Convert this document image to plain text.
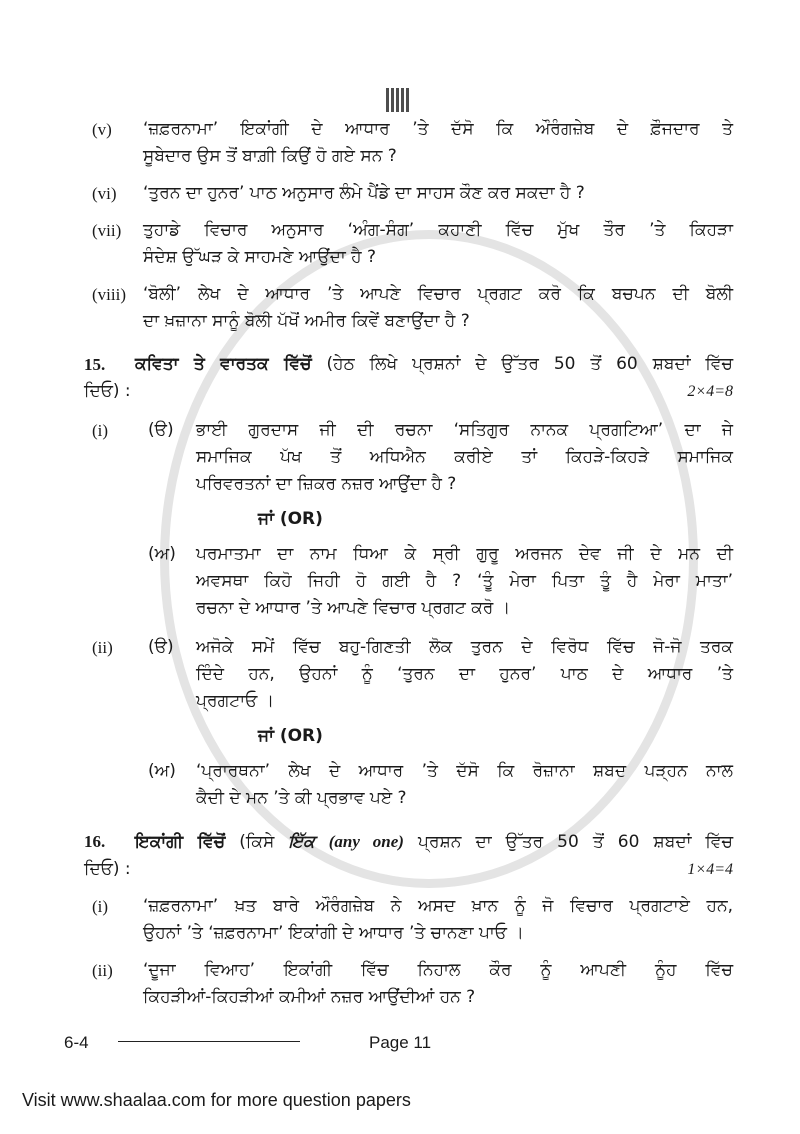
(v)	‘ਜ਼ਫ਼ਰਨਾਮਾ’ ਇਕਾਂਗੀ ਦੇ ਆਧਾਰ ’ਤੇ ਦੱਸੋ ਕਿ ਔਰੰਗਜ਼ੇਬ ਦੇ ਫ਼ੌਜਦਾਰ ਤੇ
ਸੂਬੇਦਾਰ ਉਸ ਤੋਂ ਬਾਗ਼ੀ ਕਿਉਂ ਹੋ ਗਏ ਸਨ ?
(vi)	‘ਤੁਰਨ ਦਾ ਹੁਨਰ’ ਪਾਠ ਅਨੁਸਾਰ ਲੰਮੇ ਪੈਂਡੇ ਦਾ ਸਾਹਸ ਕੌਣ ਕਰ ਸਕਦਾ ਹੈ ?
(vii)	ਤੁਹਾਡੇ ਵਿਚਾਰ ਅਨੁਸਾਰ ‘ਅੰਗ-ਸੰਗ’ ਕਹਾਣੀ ਵਿੱਚ ਮੁੱਖ ਤੌਰ ’ਤੇ ਕਿਹੜਾ
ਸੰਦੇਸ਼ ਉੱਘੜ ਕੇ ਸਾਹਮਣੇ ਆਉਂਦਾ ਹੈ ?
(viii)	‘ਬੋਲੀ’ ਲੇਖ ਦੇ ਆਧਾਰ ’ਤੇ ਆਪਣੇ ਵਿਚਾਰ ਪ੍ਰਗਟ ਕਰੋ ਕਿ ਬਚਪਨ ਦੀ ਬੋਲੀ
ਦਾ ਖ਼ਜ਼ਾਨਾ ਸਾਨੂੰ ਬੋਲੀ ਪੱਖੋਂ ਅਮੀਰ ਕਿਵੇਂ ਬਣਾਉਂਦਾ ਹੈ ?
15.	ਕਵਿਤਾ ਤੇ ਵਾਰਤਕ ਵਿੱਚੋਂ (ਹੇਠ ਲਿਖੇ ਪ੍ਰਸ਼ਨਾਂ ਦੇ ਉੱਤਰ 50 ਤੋਂ 60 ਸ਼ਬਦਾਂ ਵਿੱਚ
ਦਿਓ) :	2×4=8
(i)	(ੳ)	ਭਾਈ ਗੁਰਦਾਸ ਜੀ ਦੀ ਰਚਨਾ ‘ਸਤਿਗੁਰ ਨਾਨਕ ਪ੍ਰਗਟਿਆ’ ਦਾ ਜੇ
ਸਮਾਜਿਕ ਪੱਖ ਤੋਂ ਅਧਿਐਨ ਕਰੀਏ ਤਾਂ ਕਿਹੜੇ-ਕਿਹੜੇ ਸਮਾਜਿਕ
ਪਰਿਵਰਤਨਾਂ ਦਾ ਜ਼ਿਕਰ ਨਜ਼ਰ ਆਉਂਦਾ ਹੈ ?
ਜਾਂ (OR)
(ਅ)	ਪਰਮਾਤਮਾ ਦਾ ਨਾਮ ਧਿਆ ਕੇ ਸ੍ਰੀ ਗੁਰੂ ਅਰਜਨ ਦੇਵ ਜੀ ਦੇ ਮਨ ਦੀ
ਅਵਸਥਾ ਕਿਹੋ ਜਿਹੀ ਹੋ ਗਈ ਹੈ ? ‘ਤੂੰ ਮੇਰਾ ਪਿਤਾ ਤੂੰ ਹੈ ਮੇਰਾ ਮਾਤਾ’
ਰਚਨਾ ਦੇ ਆਧਾਰ ’ਤੇ ਆਪਣੇ ਵਿਚਾਰ ਪ੍ਰਗਟ ਕਰੋ ।
(ii)	(ੳ)	ਅਜੋਕੇ ਸਮੇਂ ਵਿੱਚ ਬਹੁ-ਗਿਣਤੀ ਲੋਕ ਤੁਰਨ ਦੇ ਵਿਰੋਧ ਵਿੱਚ ਜੋ-ਜੋ ਤਰਕ
ਦਿੰਦੇ ਹਨ, ਉਹਨਾਂ ਨੂੰ ‘ਤੁਰਨ ਦਾ ਹੁਨਰ’ ਪਾਠ ਦੇ ਆਧਾਰ ’ਤੇ
ਪ੍ਰਗਟਾਓ ।
ਜਾਂ (OR)
(ਅ)	‘ਪ੍ਰਾਰਥਨਾ’ ਲੇਖ ਦੇ ਆਧਾਰ ’ਤੇ ਦੱਸੋ ਕਿ ਰੋਜ਼ਾਨਾ ਸ਼ਬਦ ਪੜ੍ਹਨ ਨਾਲ
ਕੈਦੀ ਦੇ ਮਨ ’ਤੇ ਕੀ ਪ੍ਰਭਾਵ ਪਏ ?
16.	ਇਕਾਂਗੀ ਵਿੱਚੋਂ (ਕਿਸੇ ਇੱਕ (any one) ਪ੍ਰਸ਼ਨ ਦਾ ਉੱਤਰ 50 ਤੋਂ 60 ਸ਼ਬਦਾਂ ਵਿੱਚ
ਦਿਓ) :	1×4=4
(i)	‘ਜ਼ਫ਼ਰਨਾਮਾ’ ਖ਼ਤ ਬਾਰੇ ਔਰੰਗਜ਼ੇਬ ਨੇ ਅਸਦ ਖ਼ਾਨ ਨੂੰ ਜੋ ਵਿਚਾਰ ਪ੍ਰਗਟਾਏ ਹਨ,
ਉਹਨਾਂ ’ਤੇ ‘ਜ਼ਫ਼ਰਨਾਮਾ’ ਇਕਾਂਗੀ ਦੇ ਆਧਾਰ ’ਤੇ ਚਾਨਣਾ ਪਾਓ ।
(ii)	‘ਦੂਜਾ ਵਿਆਹ’ ਇਕਾਂਗੀ ਵਿੱਚ ਨਿਹਾਲ ਕੌਰ ਨੂੰ ਆਪਣੀ ਨੂੰਹ ਵਿੱਚ
ਕਿਹੜੀਆਂ-ਕਿਹੜੀਆਂ ਕਮੀਆਂ ਨਜ਼ਰ ਆਉਂਦੀਆਂ ਹਨ ?
6-4	Page 11
Visit www.shaalaa.com for more question papers
